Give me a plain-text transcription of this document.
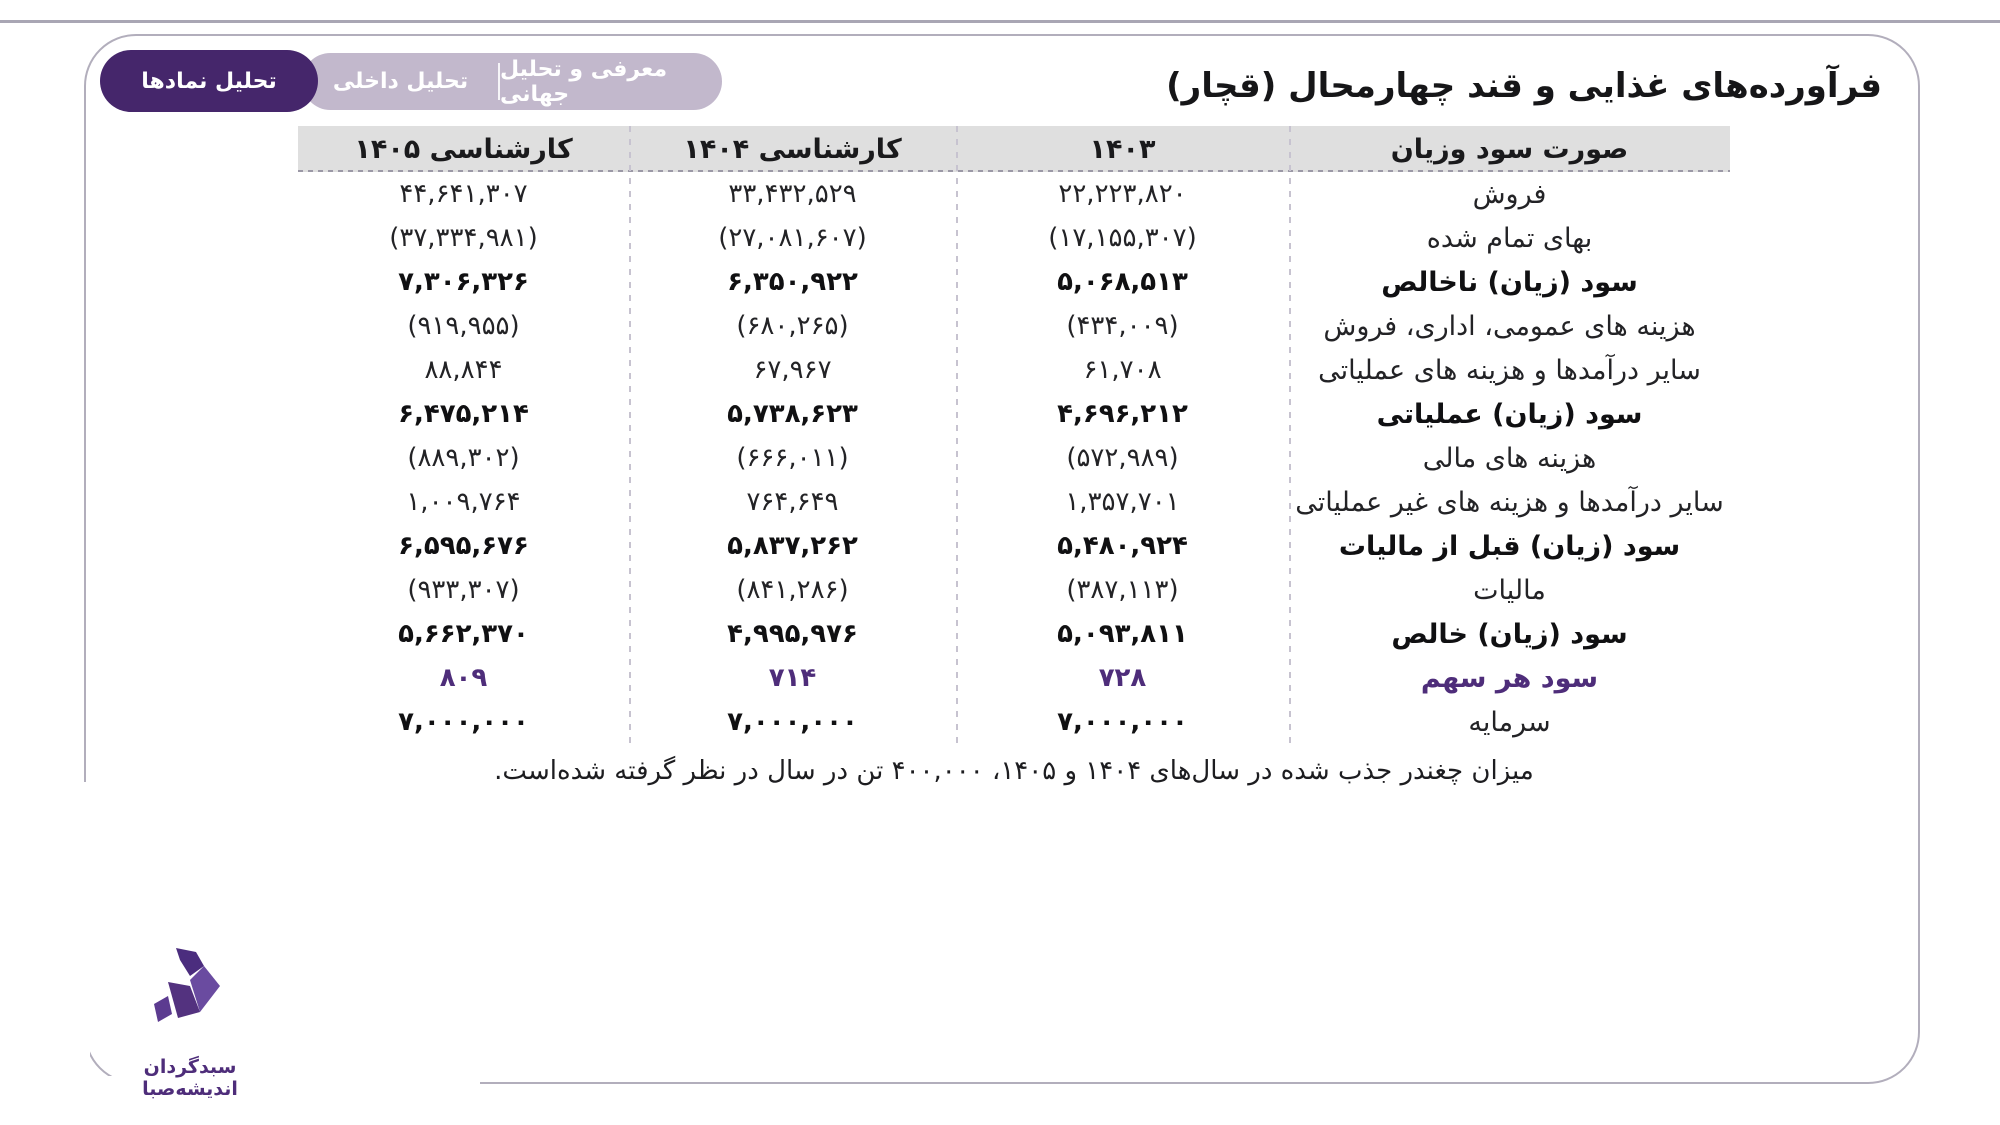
تحلیل داخلی	معرفی و تحلیل جهانی
تحلیل نمادها	فرآورده‌های غذایی و قند چهارمحال (قچار)
صورت سود وزیان
۱۴۰۳
کارشناسی ۱۴۰۴
کارشناسی ۱۴۰۵
فروش
۲۲,۲۲۳,۸۲۰
۳۳,۴۳۲,۵۲۹
۴۴,۶۴۱,۳۰۷
بهای تمام شده
(۱۷,۱۵۵,۳۰۷)
(۲۷,۰۸۱,۶۰۷)
(۳۷,۳۳۴,۹۸۱)
سود (زیان) ناخالص
۵,۰۶۸,۵۱۳
۶,۳۵۰,۹۲۲
۷,۳۰۶,۳۲۶
هزینه های عمومی، اداری، فروش
(۴۳۴,۰۰۹)
(۶۸۰,۲۶۵)
(۹۱۹,۹۵۵)
سایر درآمدها و هزینه های عملیاتی
۶۱,۷۰۸
۶۷,۹۶۷
۸۸,۸۴۴
سود (زیان) عملیاتی
۴,۶۹۶,۲۱۲
۵,۷۳۸,۶۲۳
۶,۴۷۵,۲۱۴
هزینه های مالی
(۵۷۲,۹۸۹)
(۶۶۶,۰۱۱)
(۸۸۹,۳۰۲)
سایر درآمدها و هزینه های غیر عملیاتی
۱,۳۵۷,۷۰۱
۷۶۴,۶۴۹
۱,۰۰۹,۷۶۴
سود (زیان) قبل از مالیات
۵,۴۸۰,۹۲۴
۵,۸۳۷,۲۶۲
۶,۵۹۵,۶۷۶
مالیات
(۳۸۷,۱۱۳)
(۸۴۱,۲۸۶)
(۹۳۳,۳۰۷)
سود (زیان) خالص
۵,۰۹۳,۸۱۱
۴,۹۹۵,۹۷۶
۵,۶۶۲,۳۷۰
سود هر سهم
۷۲۸
۷۱۴
۸۰۹
سرمایه
۷,۰۰۰,۰۰۰
۷,۰۰۰,۰۰۰
۷,۰۰۰,۰۰۰
میزان چغندر جذب شده در سال‌های ۱۴۰۴ و ۱۴۰۵، ۴۰۰,۰۰۰ تن در سال در نظر گرفته شده‌است.
سبدگردان اندیشه‌صبا
